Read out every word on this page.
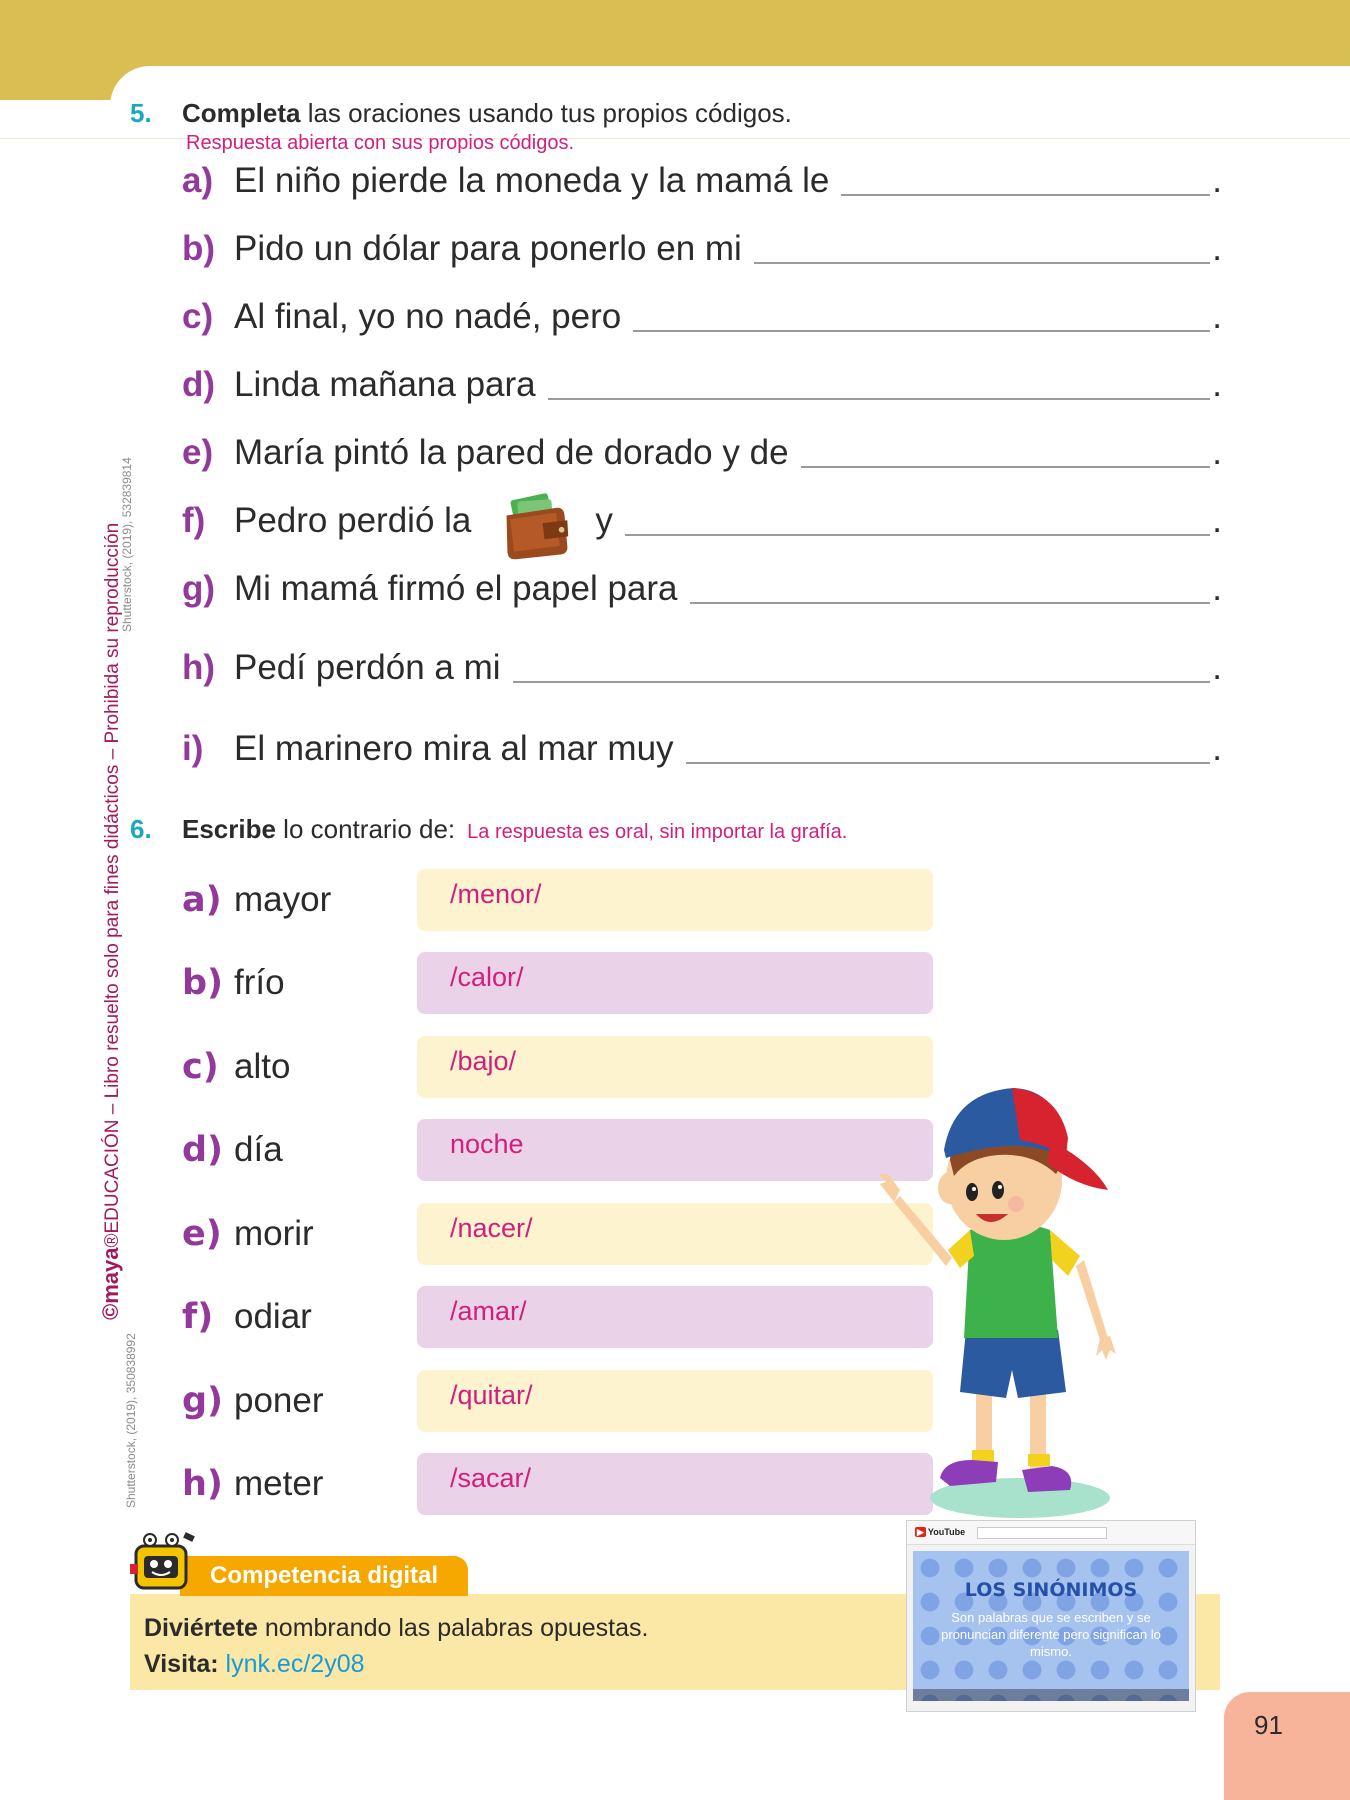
©maya®EDUCACIÓN – Libro resuelto solo para fines didácticos – Prohibida su reproducción
Shutterstock, (2019), 532839814
Shutterstock, (2019), 350838992
5. Completa las oraciones usando tus propios códigos.
Respuesta abierta con sus propios códigos.
a) El niño pierde la moneda y la mamá le	.
b) Pido un dólar para ponerlo en mi	.
c) Al final, yo no nadé, pero	.
d) Linda mañana para	.
e) María pintó la pared de dorado y de	.
f) Pedro perdió la	y	.
g) Mi mamá firmó el papel para	.
h) Pedí perdón a mi	.
i) El marinero mira al mar muy	.
6. Escribe lo contrario de: La respuesta es oral, sin importar la grafía.
a) mayor	/menor/
b) frío	/calor/
c) alto	/bajo/
d) día	noche
e) morir	/nacer/
f) odiar	/amar/
g) poner	/quitar/
h) meter	/sacar/
Competencia digital
Diviértete nombrando las palabras opuestas.
Visita: lynk.ec/2y08
▶ YouTube
LOS SINÓNIMOS
Son palabras que se escriben y se pronuncian diferente pero significan lo mismo.
91
